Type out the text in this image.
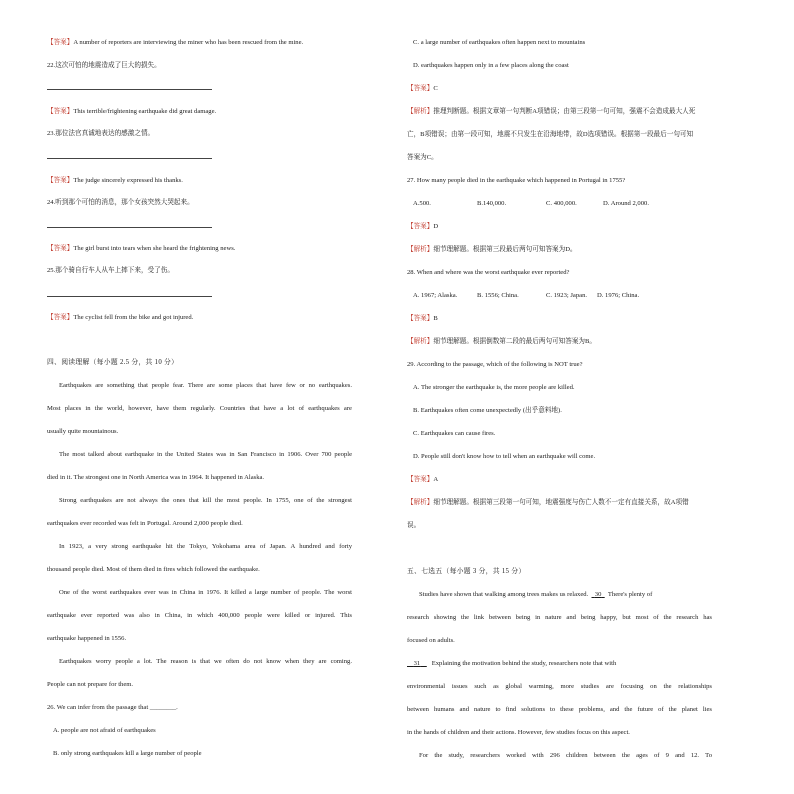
【答案】A number of reporters are interviewing the miner who has been rescued from the mine.
22.这次可怕的地震造成了巨大的损失。
【答案】This terrible/frightening earthquake did great damage.
23.那位法官真诚地表达的感激之情。
【答案】The judge sincerely expressed his thanks.
24.听到那个可怕的消息，那个女孩突然大哭起来。
【答案】The girl burst into tears when she heard the frightening news.
25.那个骑自行车人从车上摔下来，受了伤。
【答案】The cyclist fell from the bike and got injured.
四、阅读理解（每小题 2.5 分，共 10 分）
Earthquakes are something that people fear. There are some places that have few or no earthquakes.
Most places in the world, however, have them regularly. Countries that have a lot of earthquakes are
usually quite mountainous.
The most talked about earthquake in the United States was in San Francisco in 1906. Over 700 people
died in it. The strongest one in North America was in 1964. It happened in Alaska.
Strong earthquakes are not always the ones that kill the most people. In 1755, one of the strongest
earthquakes ever recorded was felt in Portugal. Around 2,000 people died.
In 1923, a very strong earthquake hit the Tokyo, Yokohama area of Japan. A hundred and forty
thousand people died. Most of them died in fires which followed the earthquake.
One of the worst earthquakes ever was in China in 1976. It killed a large number of people. The worst
earthquake ever reported was also in China, in which 400,000 people were killed or injured. This
earthquake happened in 1556.
Earthquakes worry people a lot. The reason is that we often do not know when they are coming.
People can not prepare for them.
26. We can infer from the passage that ________.
A. people are not afraid of earthquakes
B. only strong earthquakes kill a large number of people
C. a large number of earthquakes often happen next to mountains
D. earthquakes happen only in a few places along the coast
【答案】C
【解析】推理判断题。根据文章第一句判断A项错误；由第三段第一句可知，强震不会造成最大人死
亡，B项错误；由第一段可知，地震不只发生在沿海地带，故D选项错误。根据第一段最后一句可知
答案为C。
27. How many people died in the earthquake which happened in Portugal in 1755?
A.500.	B.140,000.	C. 400,000.	D. Around 2,000.
【答案】D
【解析】细节理解题。根据第三段最后两句可知答案为D。
28. When and where was the worst earthquake ever reported?
A. 1967; Alaska.	B. 1556; China.	C. 1923; Japan. D. 1976; China.
【答案】B
【解析】细节理解题。根据倒数第二段的最后两句可知答案为B。
29. According to the passage, which of the following is NOT true?
A. The stronger the earthquake is, the more people are killed.
B. Earthquakes often come unexpectedly (出乎意料地).
C. Earthquakes can cause fires.
D. People still don't know how to tell when an earthquake will come.
【答案】A
【解析】细节理解题。根据第三段第一句可知，地震强度与伤亡人数不一定有直接关系，故A项错
误。
五、七选五（每小题 3 分，共 15 分）
Studies have shown that walking among trees makes us relaxed. 30 There's plenty of
research showing the link between being in nature and being happy, but most of the research has
focused on adults.
31 Explaining the motivation behind the study, researchers note that with
environmental issues such as global warming, more studies are focusing on the relationships
between humans and nature to find solutions to these problems, and the future of the planet lies
in the hands of children and their actions. However, few studies focus on this aspect.
For the study, researchers worked with 296 children between the ages of 9 and 12. To
